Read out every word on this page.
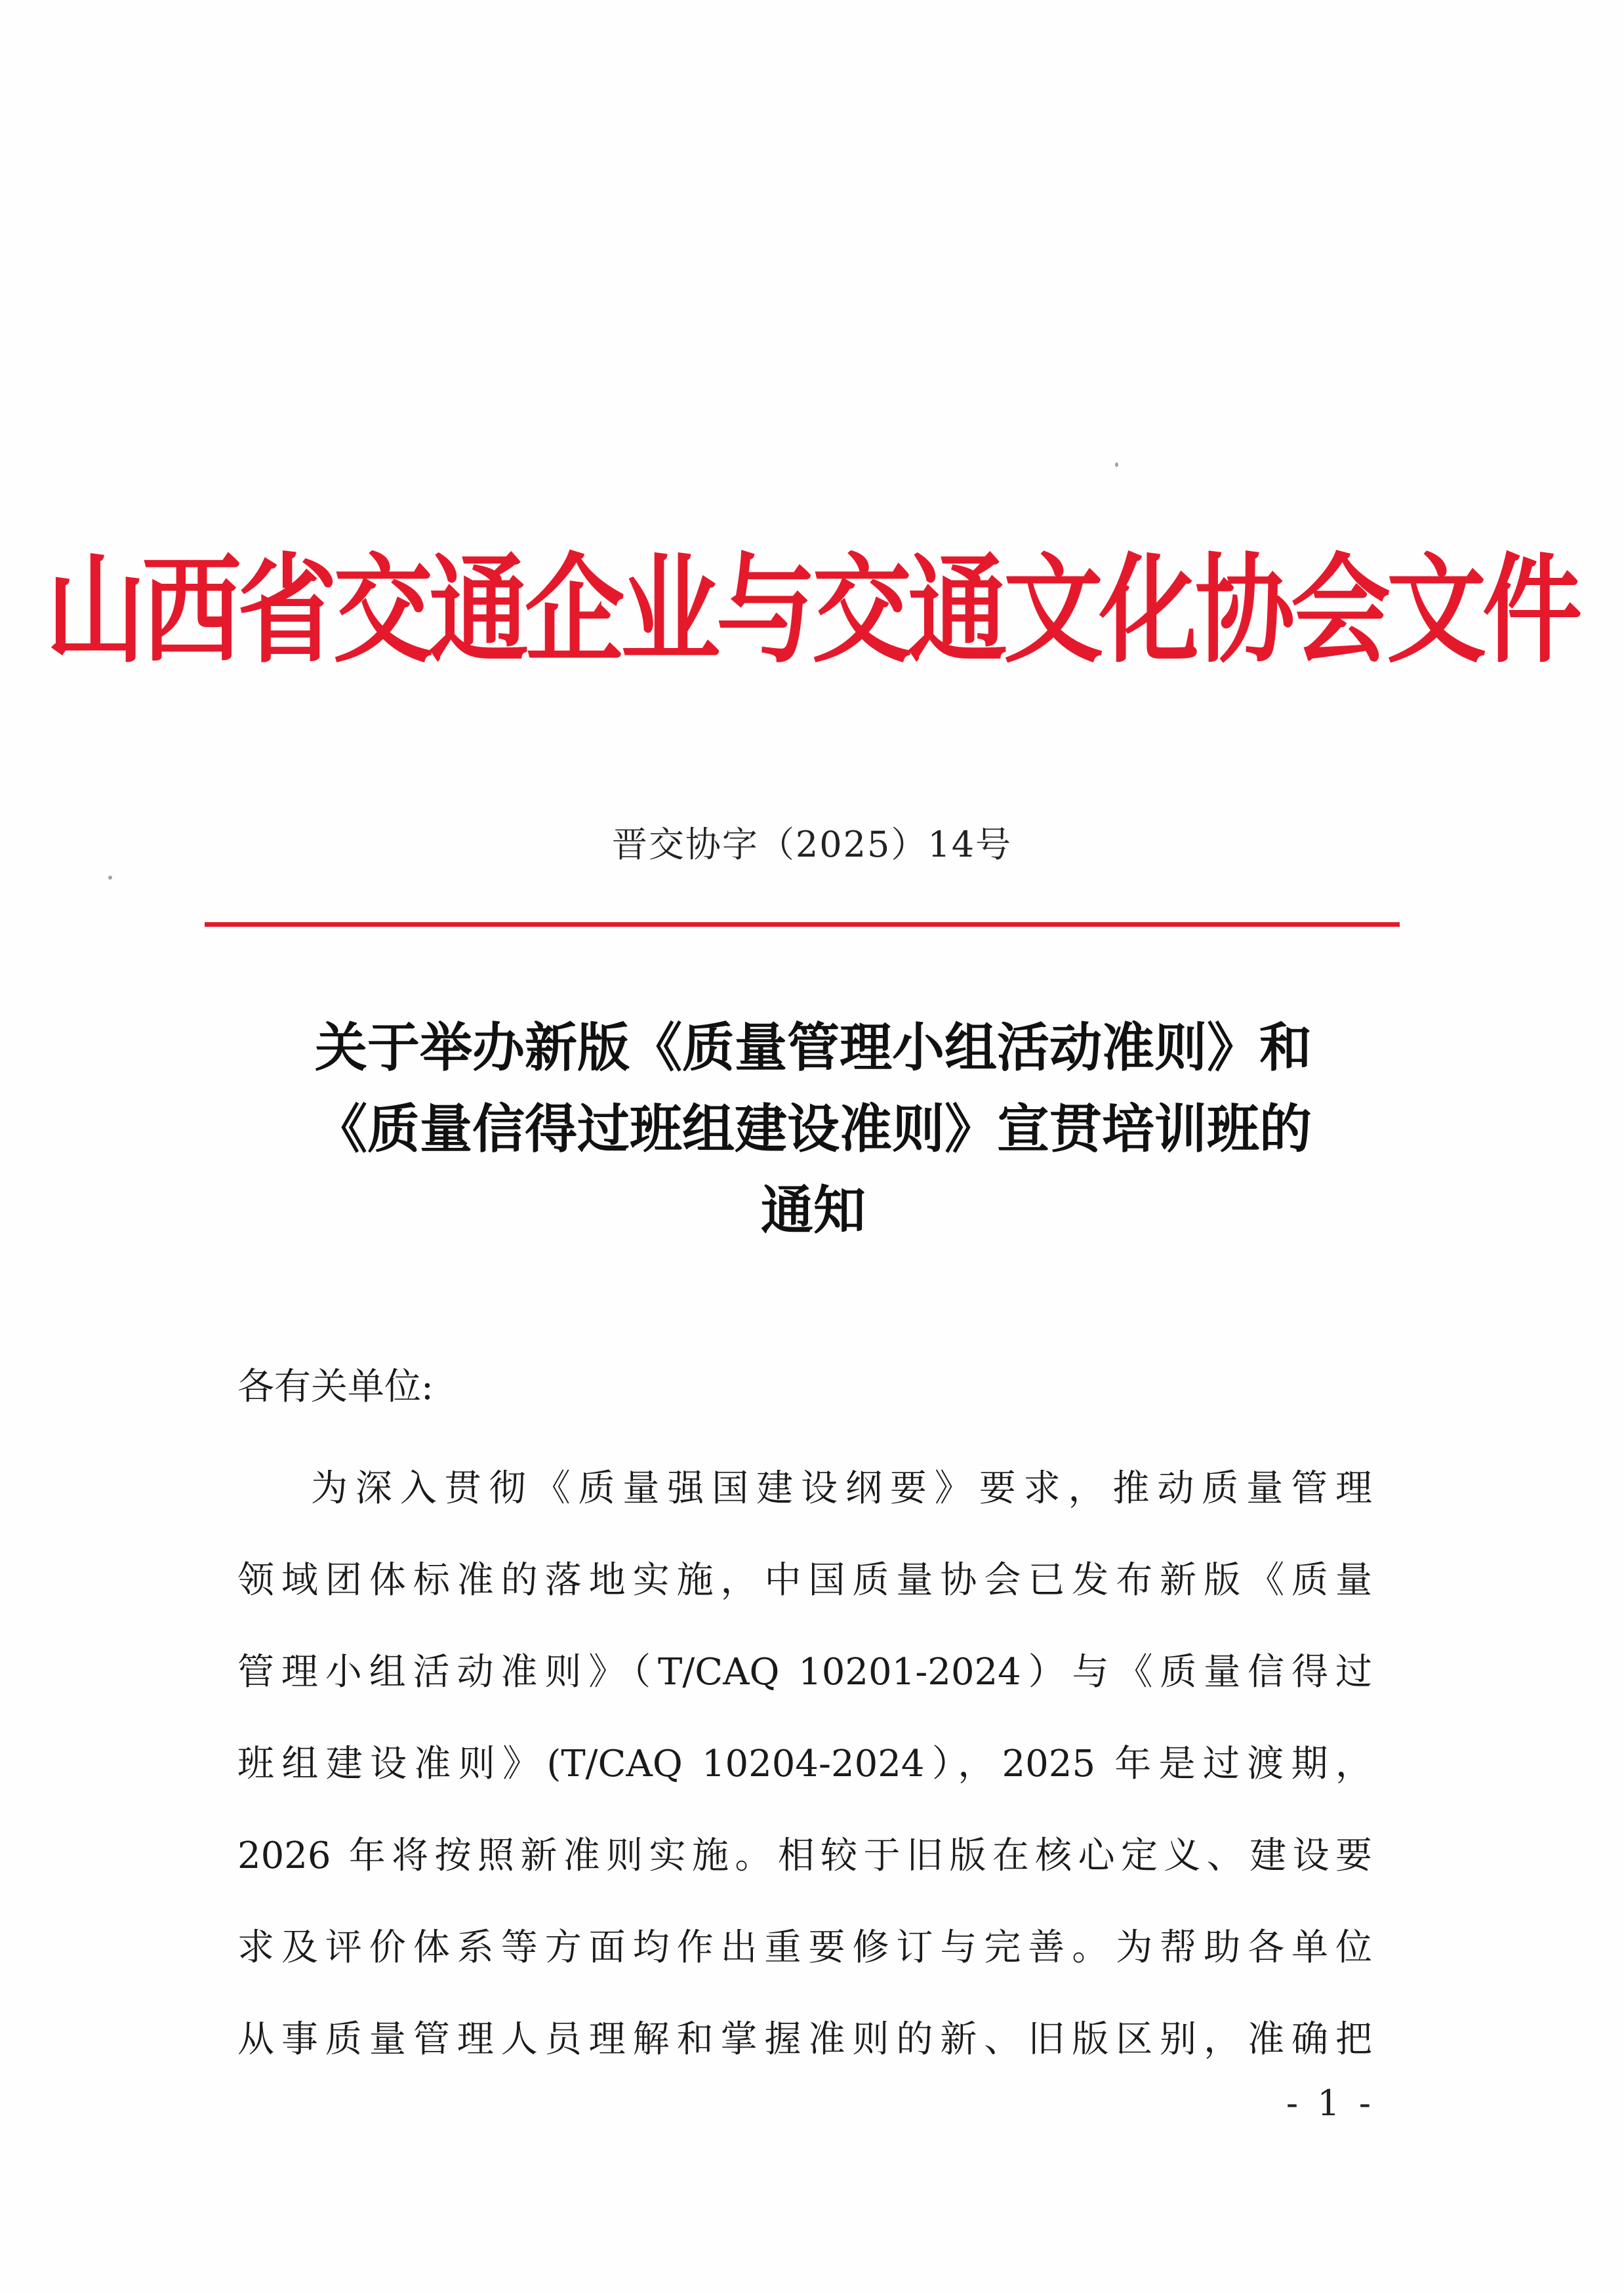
山西省交通企业与交通文化协会文件
晋交协字（2025）14号
关于举办新版《质量管理小组活动准则》和
《质量信得过班组建设准则》宣贯培训班的
通知
各有关单位:
为深入贯彻《质量强国建设纲要》要求，推动质量管理
领域团体标准的落地实施，中国质量协会已发布新版《质量
管理小组活动准则》（T/CAQ 10201-2024）与《质量信得过
班组建设准则》(T/CAQ 10204-2024），2025 年是过渡期，
2026 年将按照新准则实施。相较于旧版在核心定义、建设要
求及评价体系等方面均作出重要修订与完善。为帮助各单位
从事质量管理人员理解和掌握准则的新、旧版区别，准确把
- 1 -
